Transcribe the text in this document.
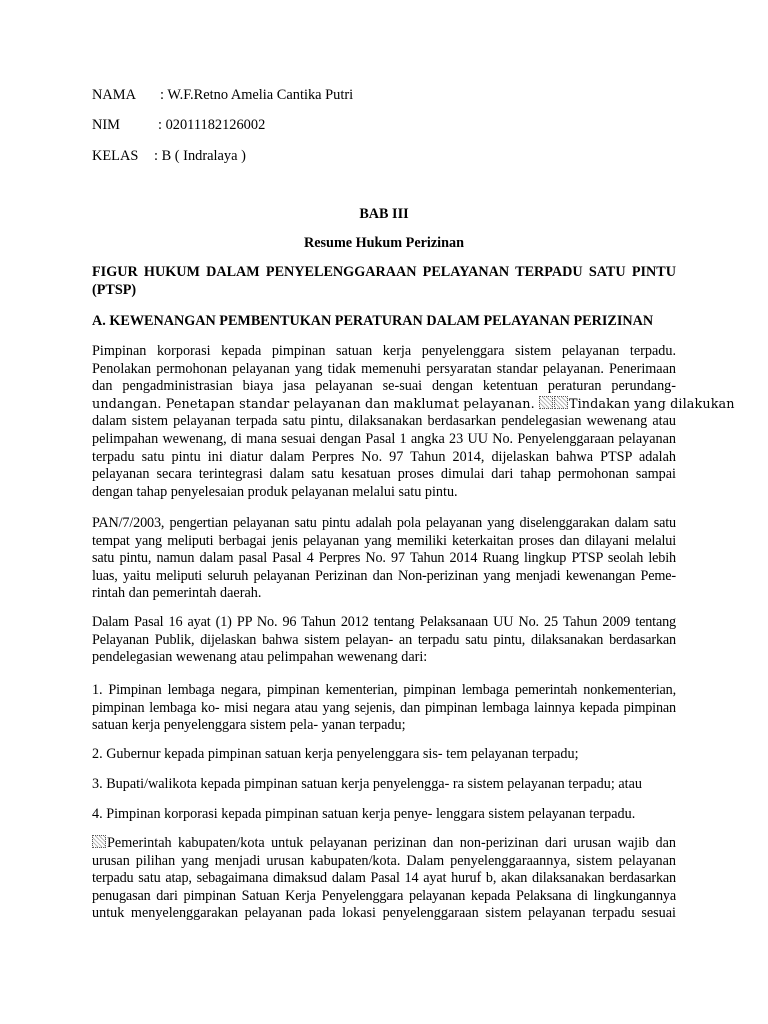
NAMA : W.F.Retno Amelia Cantika Putri
NIM	: 02011182126002
KELAS : B ( Indralaya )
BAB III
Resume Hukum Perizinan
FIGUR HUKUM DALAM PENYELENGGARAAN PELAYANAN TERPADU SATU PINTU
(PTSP)
A. KEWENANGAN PEMBENTUKAN PERATURAN DALAM PELAYANAN PERIZINAN
Pimpinan korporasi kepada pimpinan satuan kerja penyelenggara sistem pelayanan terpadu.
Penolakan permohonan pelayanan yang tidak memenuhi persyaratan standar pelayanan. Penerimaan
dan pengadministrasian biaya jasa pelayanan se-suai dengan ketentuan peraturan perundang-
undangan. Penetapan standar pelayanan dan maklumat pelayanan.	Tindakan yang dilakukan
dalam sistem pelayanan terpada satu pintu, dilaksanakan berdasarkan pendelegasian wewenang atau
pelimpahan wewenang, di mana sesuai dengan Pasal 1 angka 23 UU No. Penyelenggaraan pelayanan
terpadu satu pintu ini diatur dalam Perpres No. 97 Tahun 2014, dijelaskan bahwa PTSP adalah
pelayanan secara terintegrasi dalam satu kesatuan proses dimulai dari tahap permohonan sampai
dengan tahap penyelesaian produk pelayanan melalui satu pintu.
PAN/7/2003, pengertian pelayanan satu pintu adalah pola pelayanan yang diselenggarakan dalam satu
tempat yang meliputi berbagai jenis pelayanan yang memiliki keterkaitan proses dan dilayani melalui
satu pintu, namun dalam pasal Pasal 4 Perpres No. 97 Tahun 2014 Ruang lingkup PTSP seolah lebih
luas, yaitu meliputi seluruh pelayanan Perizinan dan Non-perizinan yang menjadi kewenangan Peme-
rintah dan pemerintah daerah.
Dalam Pasal 16 ayat (1) PP No. 96 Tahun 2012 tentang Pelaksanaan UU No. 25 Tahun 2009 tentang
Pelayanan Publik, dijelaskan bahwa sistem pelayan- an terpadu satu pintu, dilaksanakan berdasarkan
pendelegasian wewenang atau pelimpahan wewenang dari:
1. Pimpinan lembaga negara, pimpinan kementerian, pimpinan lembaga pemerintah nonkementerian,
pimpinan lembaga ko- misi negara atau yang sejenis, dan pimpinan lembaga lainnya kepada pimpinan
satuan kerja penyelenggara sistem pela- yanan terpadu;
2. Gubernur kepada pimpinan satuan kerja penyelenggara sis- tem pelayanan terpadu;
3. Bupati/walikota kepada pimpinan satuan kerja penyelengga- ra sistem pelayanan terpadu; atau
4. Pimpinan korporasi kepada pimpinan satuan kerja penye- lenggara sistem pelayanan terpadu.
Pemerintah kabupaten/kota untuk pelayanan perizinan dan non-perizinan dari urusan wajib dan
urusan pilihan yang menjadi urusan kabupaten/kota. Dalam penyelenggaraannya, sistem pelayanan
terpadu satu atap, sebagaimana dimaksud dalam Pasal 14 ayat huruf b, akan dilaksanakan berdasarkan
penugasan dari pimpinan Satuan Kerja Penyelenggara pelayanan kepada Pelaksana di lingkungannya
untuk menyelenggarakan pelayanan pada lokasi penyelenggaraan sistem pelayanan terpadu sesuai
